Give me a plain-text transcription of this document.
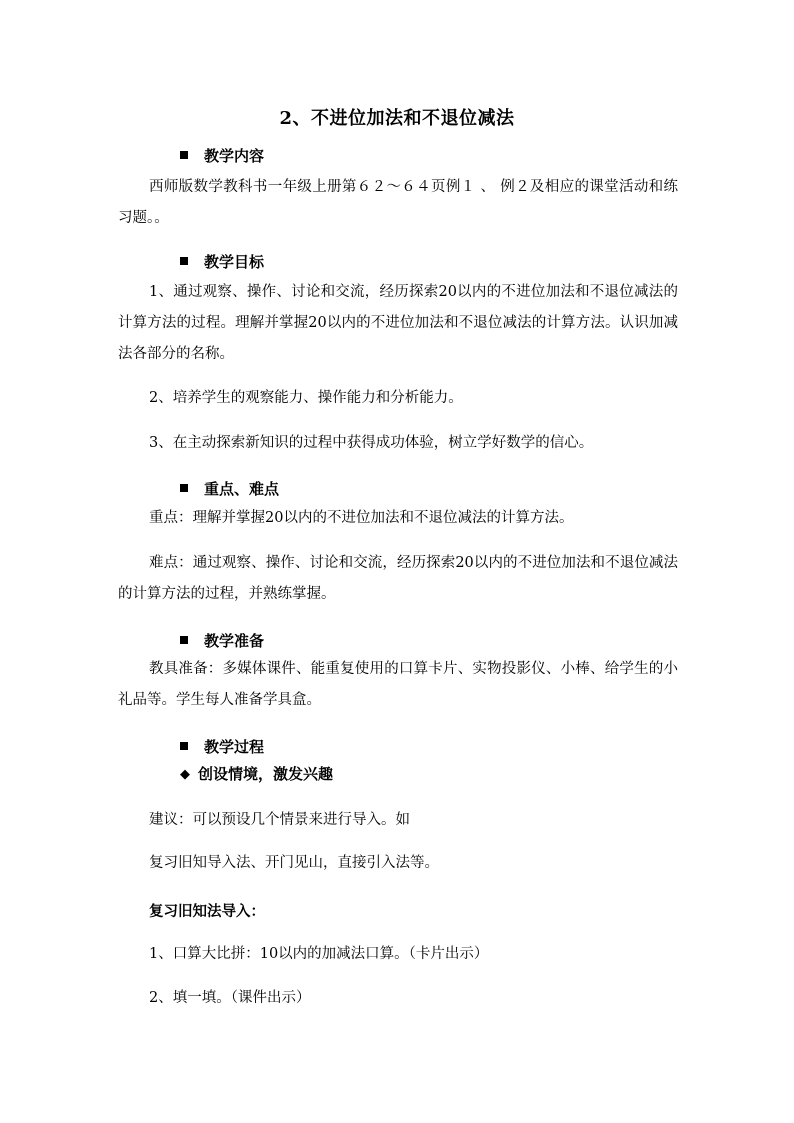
2、不进位加法和不退位减法
教学内容
西师版数学教科书一年级上册第６２～６４页例１ 、 例２及相应的课堂活动和练习题。。
教学目标
1、通过观察、操作、讨论和交流，经历探索20以内的不进位加法和不退位减法的计算方法的过程。理解并掌握20以内的不进位加法和不退位减法的计算方法。认识加减法各部分的名称。
2、培养学生的观察能力、操作能力和分析能力。
3、在主动探索新知识的过程中获得成功体验，树立学好数学的信心。
重点、难点
重点：理解并掌握20以内的不进位加法和不退位减法的计算方法。
难点：通过观察、操作、讨论和交流，经历探索20以内的不进位加法和不退位减法的计算方法的过程，并熟练掌握。
教学准备
教具准备：多媒体课件、能重复使用的口算卡片、实物投影仪、小棒、给学生的小礼品等。学生每人准备学具盒。
教学过程
◆ 创设情境，激发兴趣
建议：可以预设几个情景来进行导入。如
复习旧知导入法、开门见山，直接引入法等。
复习旧知法导入：
1、口算大比拼：10以内的加减法口算。（卡片出示）
2、填一填。（课件出示）
